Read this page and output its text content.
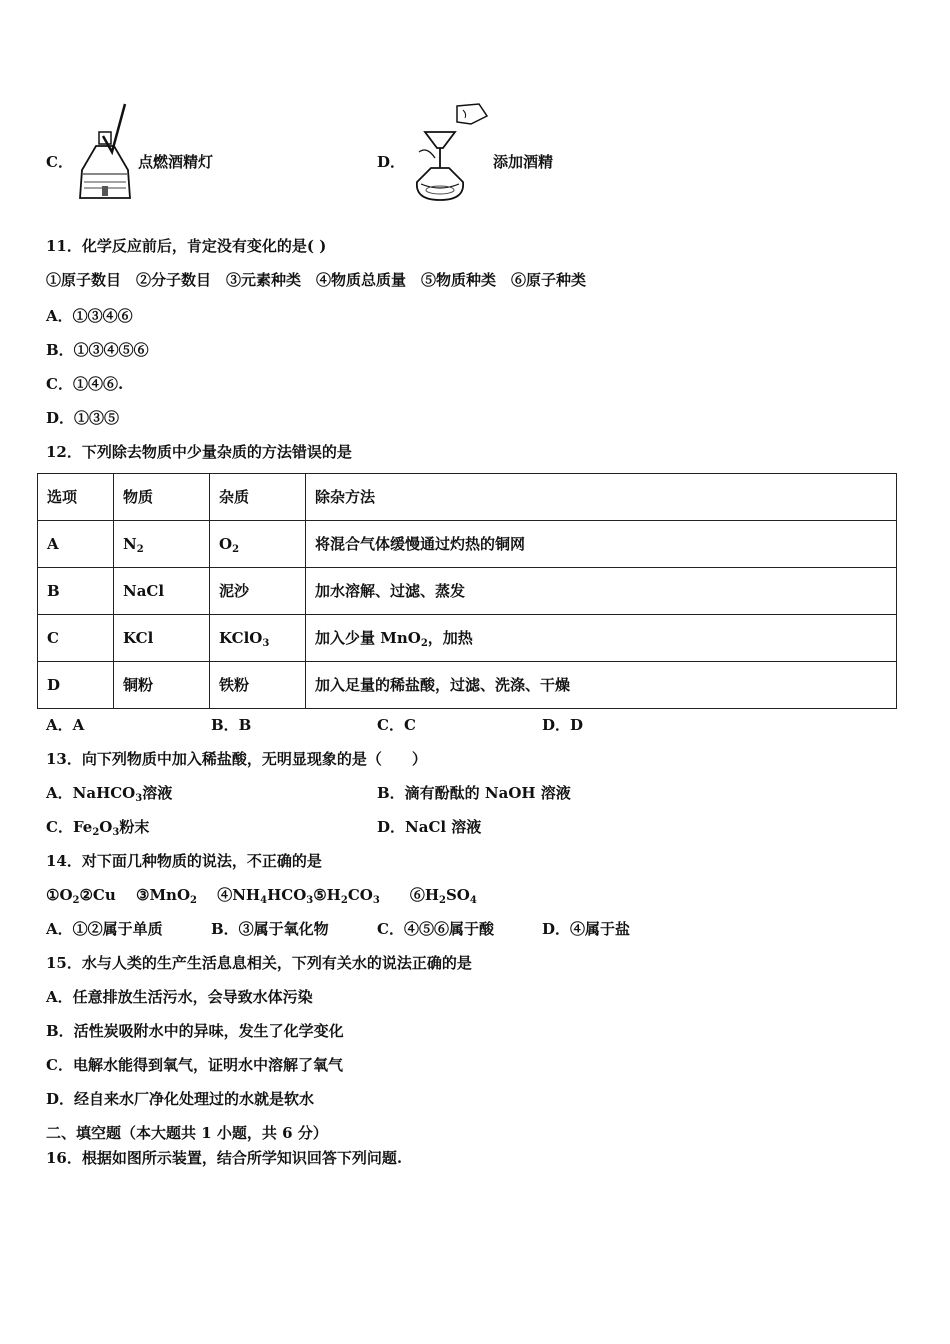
C．	点燃酒精灯	D．	添加酒精
11．化学反应前后，肯定没有变化的是( )
①原子数目　②分子数目　③元素种类　④物质总质量　⑤物质种类　⑥原子种类
A．①③④⑥
B．①③④⑤⑥
C．①④⑥.
D．①③⑤
12．下列除去物质中少量杂质的方法错误的是
选项	物质	杂质	除杂方法
A	$N_2$	$O_2$	将混合气体缓慢通过灼热的铜网
B	NaCl	泥沙	加水溶解、过滤、蒸发
C	KCl	KClO$_3$	加入少量 MnO$_2$，加热
D	铜粉	铁粉	加入足量的稀盐酸，过滤、洗涤、干燥
A．A	B．B	C．C	D．D
13．向下列物质中加入稀盐酸，无明显现象的是（　　）
A．NaHCO$_3$溶液	B．滴有酚酞的 NaOH 溶液
C．$Fe_2O_3$粉末	D．NaCl 溶液
14．对下面几种物质的说法，不正确的是
$①O_2②Cu$　 ③MnO$_2$　 $④NH_4HCO_3⑤H_2CO_3$　　$⑥H_2SO_4$
A．①②属于单质	B．③属于氧化物	C．④⑤⑥属于酸	D．④属于盐
15．水与人类的生产生活息息相关，下列有关水的说法正确的是
A．任意排放生活污水，会导致水体污染
B．活性炭吸附水中的异味，发生了化学变化
C．电解水能得到氧气，证明水中溶解了氧气
D．经自来水厂净化处理过的水就是软水
二、填空题（本大题共 1 小题，共 6 分）
16．根据如图所示装置，结合所学知识回答下列问题.
